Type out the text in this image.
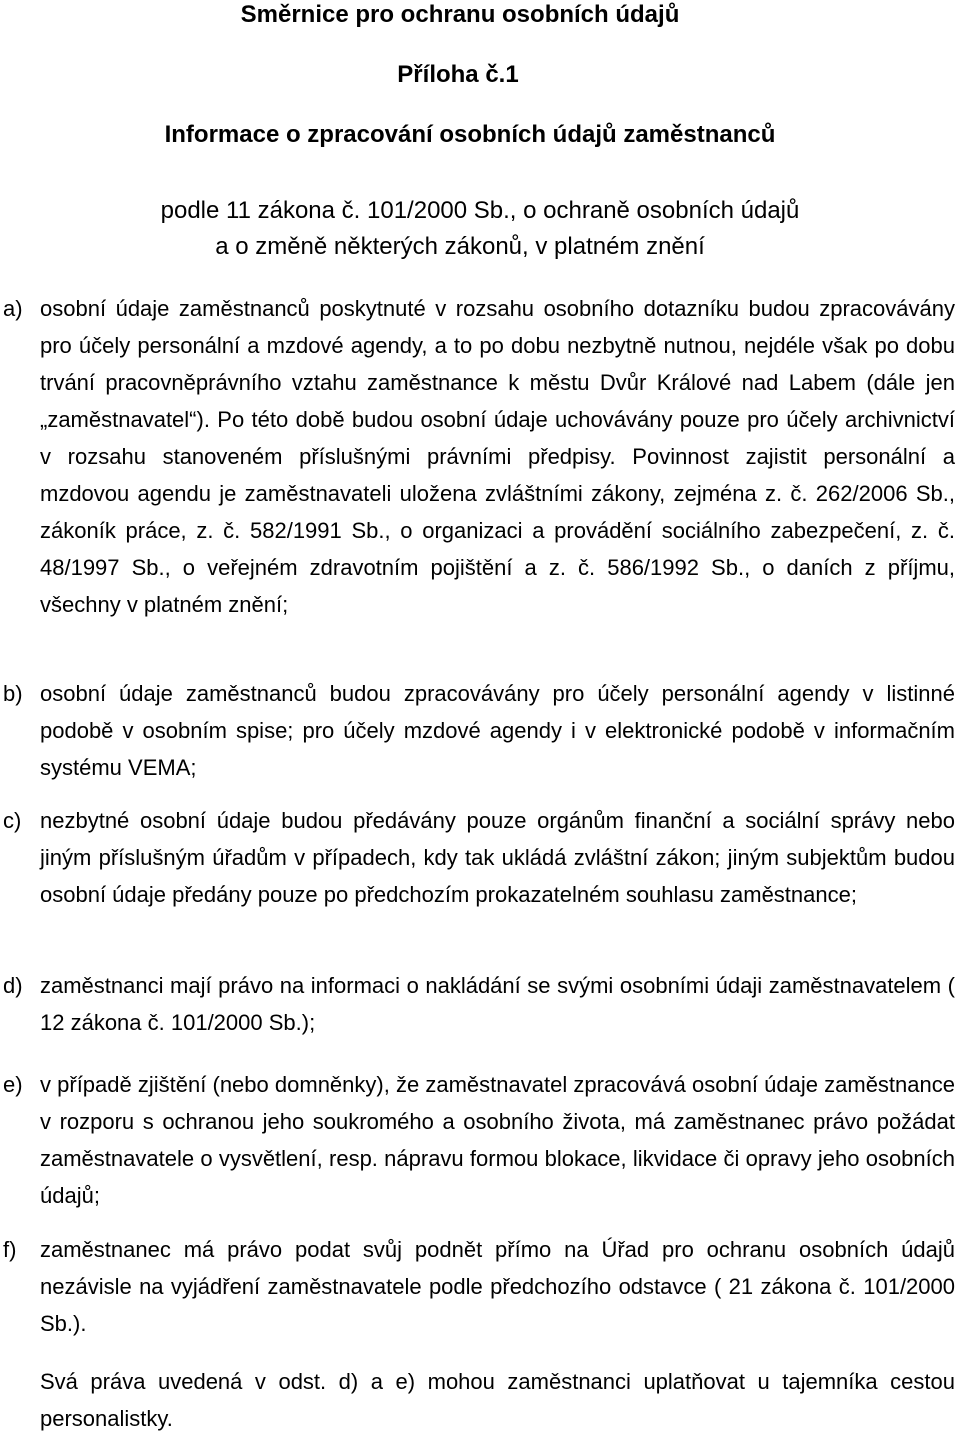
Směrnice pro ochranu osobních údajů
Příloha č.1
Informace o zpracování osobních údajů zaměstnanců
podle 11 zákona č. 101/2000 Sb., o ochraně osobních údajů
a o změně některých zákonů, v platném znění
a) osobní údaje zaměstnanců poskytnuté v rozsahu osobního dotazníku budou zpracovávány pro účely personální a mzdové agendy, a to po dobu nezbytně nutnou, nejdéle však po dobu trvání pracovněprávního vztahu zaměstnance k městu Dvůr Králové nad Labem (dále jen „zaměstnavatel“). Po této době budou osobní údaje uchovávány pouze pro účely archivnictví v rozsahu stanoveném příslušnými právními předpisy. Povinnost zajistit personální a mzdovou agendu je zaměstnavateli uložena zvláštními zákony, zejména z. č. 262/2006 Sb., zákoník práce, z. č. 582/1991 Sb., o organizaci a provádění sociálního zabezpečení, z. č. 48/1997 Sb., o veřejném zdravotním pojištění a z. č. 586/1992 Sb., o daních z příjmu, všechny v platném znění;
b) osobní údaje zaměstnanců budou zpracovávány pro účely personální agendy v listinné podobě v osobním spise; pro účely mzdové agendy i v elektronické podobě v informačním systému VEMA;
c) nezbytné osobní údaje budou předávány pouze orgánům finanční a sociální správy nebo jiným příslušným úřadům v případech, kdy tak ukládá zvláštní zákon; jiným subjektům budou osobní údaje předány pouze po předchozím prokazatelném souhlasu zaměstnance;
d) zaměstnanci mají právo na informaci o nakládání se svými osobními údaji zaměstnavatelem ( 12 zákona č. 101/2000 Sb.);
e) v případě zjištění (nebo domněnky), že zaměstnavatel zpracovává osobní údaje zaměstnance v rozporu s ochranou jeho soukromého a osobního života, má zaměstnanec právo požádat zaměstnavatele o vysvětlení, resp. nápravu formou blokace, likvidace či opravy jeho osobních údajů;
f) zaměstnanec má právo podat svůj podnět přímo na Úřad pro ochranu osobních údajů nezávisle na vyjádření zaměstnavatele podle předchozího odstavce ( 21 zákona č. 101/2000 Sb.).
Svá práva uvedená v odst. d) a e) mohou zaměstnanci uplatňovat u tajemníka cestou personalistky.
